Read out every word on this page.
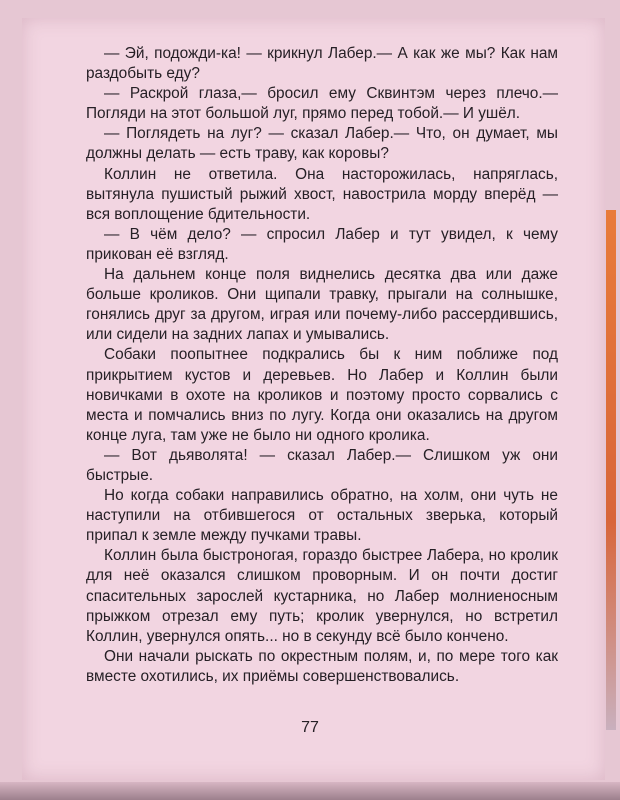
— Эй, подожди-ка! — крикнул Лабер.— А как же мы? Как нам раздобыть еду?

— Раскрой глаза,— бросил ему Сквинтэм через плечо.— Погляди на этот большой луг, прямо перед тобой.— И ушёл.

— Поглядеть на луг? — сказал Лабер.— Что, он думает, мы должны делать — есть траву, как коровы?

Коллин не ответила. Она насторожилась, напряглась, вытянула пушистый рыжий хвост, навострила морду вперёд — вся воплощение бдительности.

— В чём дело? — спросил Лабер и тут увидел, к чему прикован её взгляд.

На дальнем конце поля виднелись десятка два или даже больше кроликов. Они щипали травку, прыгали на солнышке, гонялись друг за другом, играя или почему-либо рассердившись, или сидели на задних лапах и умывались.

Собаки поопытнее подкрались бы к ним поближе под прикрытием кустов и деревьев. Но Лабер и Коллин были новичками в охоте на кроликов и поэтому просто сорвались с места и помчались вниз по лугу. Когда они оказались на другом конце луга, там уже не было ни одного кролика.

— Вот дьяволята! — сказал Лабер.— Слишком уж они быстрые.

Но когда собаки направились обратно, на холм, они чуть не наступили на отбившегося от остальных зверька, который припал к земле между пучками травы.

Коллин была быстроногая, гораздо быстрее Лабера, но кролик для неё оказался слишком проворным. И он почти достиг спасительных зарослей кустарника, но Лабер молниеносным прыжком отрезал ему путь; кролик увернулся, но встретил Коллин, увернулся опять... но в секунду всё было кончено.

Они начали рыскать по окрестным полям, и, по мере того как вместе охотились, их приёмы совершенствовались.

77
